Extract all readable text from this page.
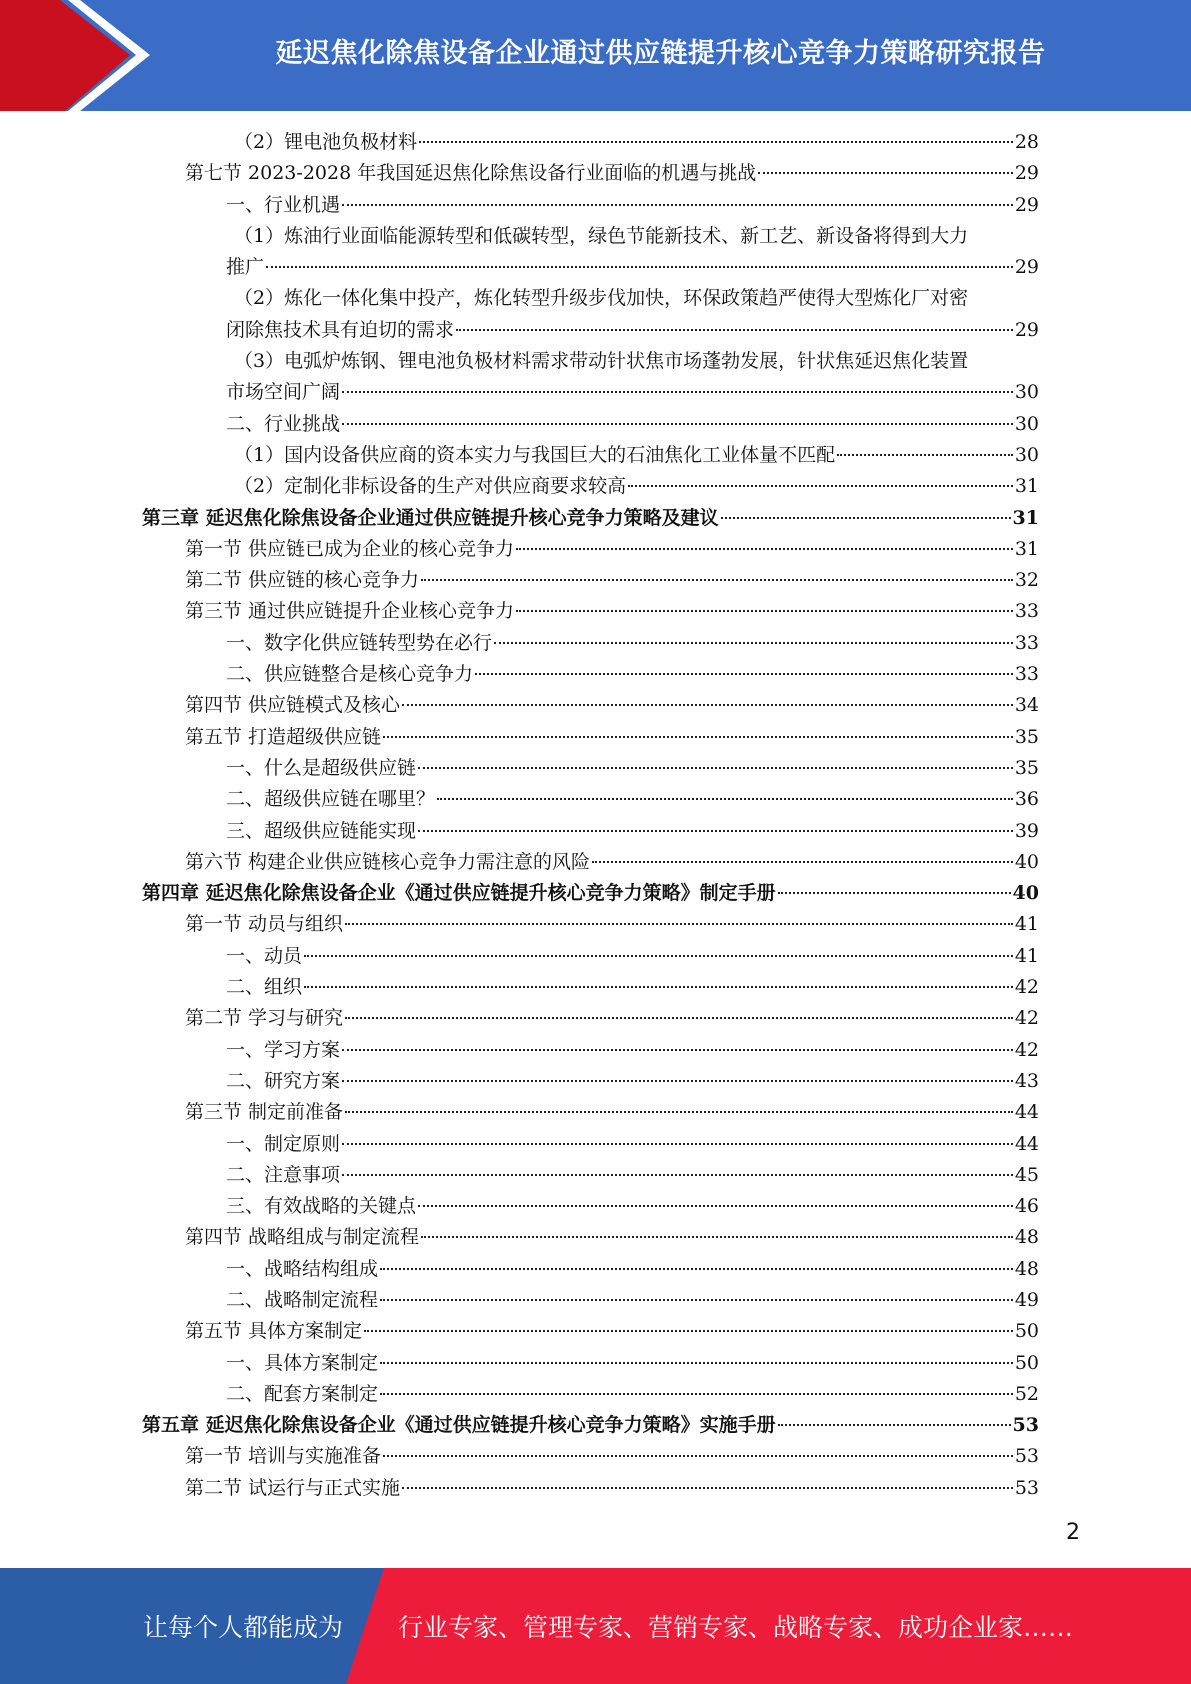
延迟焦化除焦设备企业通过供应链提升核心竞争力策略研究报告
（2）锂电池负极材料	28
第七节 2023-2028 年我国延迟焦化除焦设备行业面临的机遇与挑战	29
一、行业机遇	29
（1）炼油行业面临能源转型和低碳转型，绿色节能新技术、新工艺、新设备将得到大力
推广	29
（2）炼化一体化集中投产，炼化转型升级步伐加快，环保政策趋严使得大型炼化厂对密
闭除焦技术具有迫切的需求	29
（3）电弧炉炼钢、锂电池负极材料需求带动针状焦市场蓬勃发展，针状焦延迟焦化装置
市场空间广阔	30
二、行业挑战	30
（1）国内设备供应商的资本实力与我国巨大的石油焦化工业体量不匹配	30
（2）定制化非标设备的生产对供应商要求较高	31
第三章 延迟焦化除焦设备企业通过供应链提升核心竞争力策略及建议	31
第一节 供应链已成为企业的核心竞争力	31
第二节 供应链的核心竞争力	32
第三节 通过供应链提升企业核心竞争力	33
一、数字化供应链转型势在必行	33
二、供应链整合是核心竞争力	33
第四节 供应链模式及核心	34
第五节 打造超级供应链	35
一、什么是超级供应链	35
二、超级供应链在哪里？	36
三、超级供应链能实现	39
第六节 构建企业供应链核心竞争力需注意的风险	40
第四章 延迟焦化除焦设备企业《通过供应链提升核心竞争力策略》制定手册	40
第一节 动员与组织	41
一、动员	41
二、组织	42
第二节 学习与研究	42
一、学习方案	42
二、研究方案	43
第三节 制定前准备	44
一、制定原则	44
二、注意事项	45
三、有效战略的关键点	46
第四节 战略组成与制定流程	48
一、战略结构组成	48
二、战略制定流程	49
第五节 具体方案制定	50
一、具体方案制定	50
二、配套方案制定	52
第五章 延迟焦化除焦设备企业《通过供应链提升核心竞争力策略》实施手册	53
第一节 培训与实施准备	53
第二节 试运行与正式实施	53
2
让每个人都能成为 行业专家、管理专家、营销专家、战略专家、成功企业家……
